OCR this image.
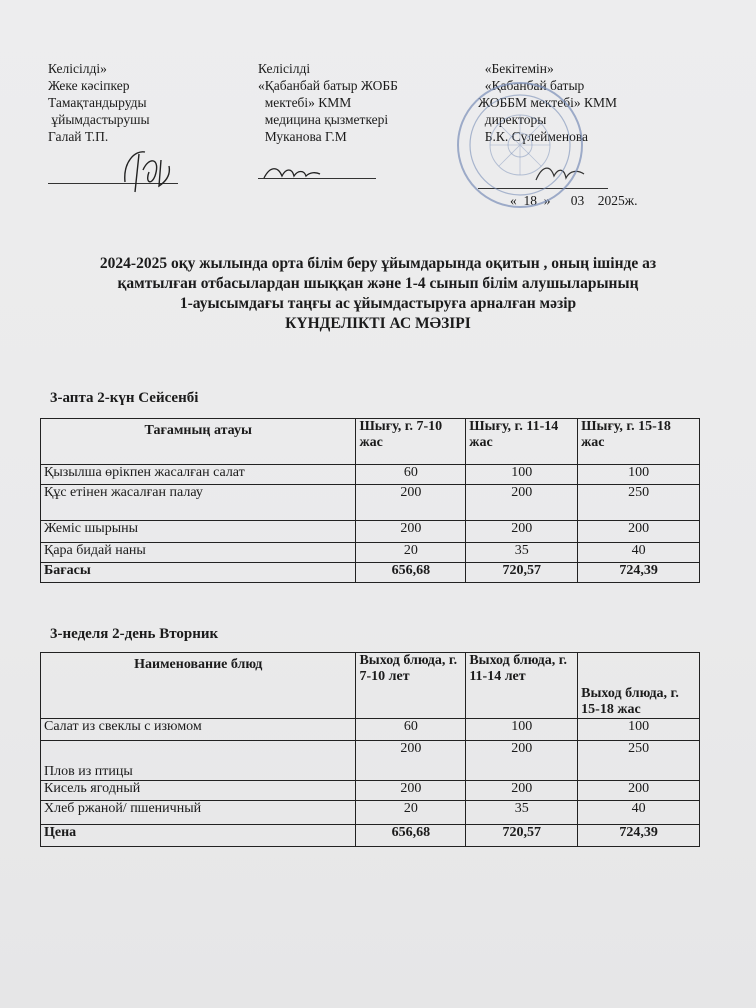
Келісілді»
Жеке кәсіпкер
Тамақтандыруды
ұйымдастырушы
Галай Т.П.
Келісілді
«Қабанбай батыр ЖОББ
мектебі» КММ
медицина қызметкері
Муканова Г.М
«Бекітемін»
«Қабанбай батыр
ЖОББМ мектебі» КММ
директоры
Б.К. Сүлейменова
«  18  »      03    2025ж.
2024-2025 оқу жылында орта білім беру ұйымдарында оқитын , оның ішінде аз
қамтылған отбасылардан шыққан және 1-4 сынып білім алушыларының
1-ауысымдағы таңғы ас ұйымдастыруға арналған мәзір
КҮНДЕЛІКТІ АС МӘЗІРІ
3-апта 2-күн Сейсенбі
Тағамның атауы	Шығу, г. 7-10 жас	Шығу, г. 11-14 жас	Шығу, г. 15-18 жас
Қызылша өрікпен жасалған салат	60	100	100
Құс етінен жасалған палау	200	200	250
Жеміс шырыны	200	200	200
Қара бидай наны	20	35	40
Бағасы	656,68	720,57	724,39
3-неделя 2-день Вторник
Наименование блюд	Выход блюда, г. 7-10 лет	Выход блюда, г. 11-14 лет	Выход блюда, г. 15-18 жас
Салат из свеклы с изюмом	60	100	100
Плов из птицы	200	200	250
Кисель ягодный	200	200	200
Хлеб ржаной/ пшеничный	20	35	40
Цена	656,68	720,57	724,39
